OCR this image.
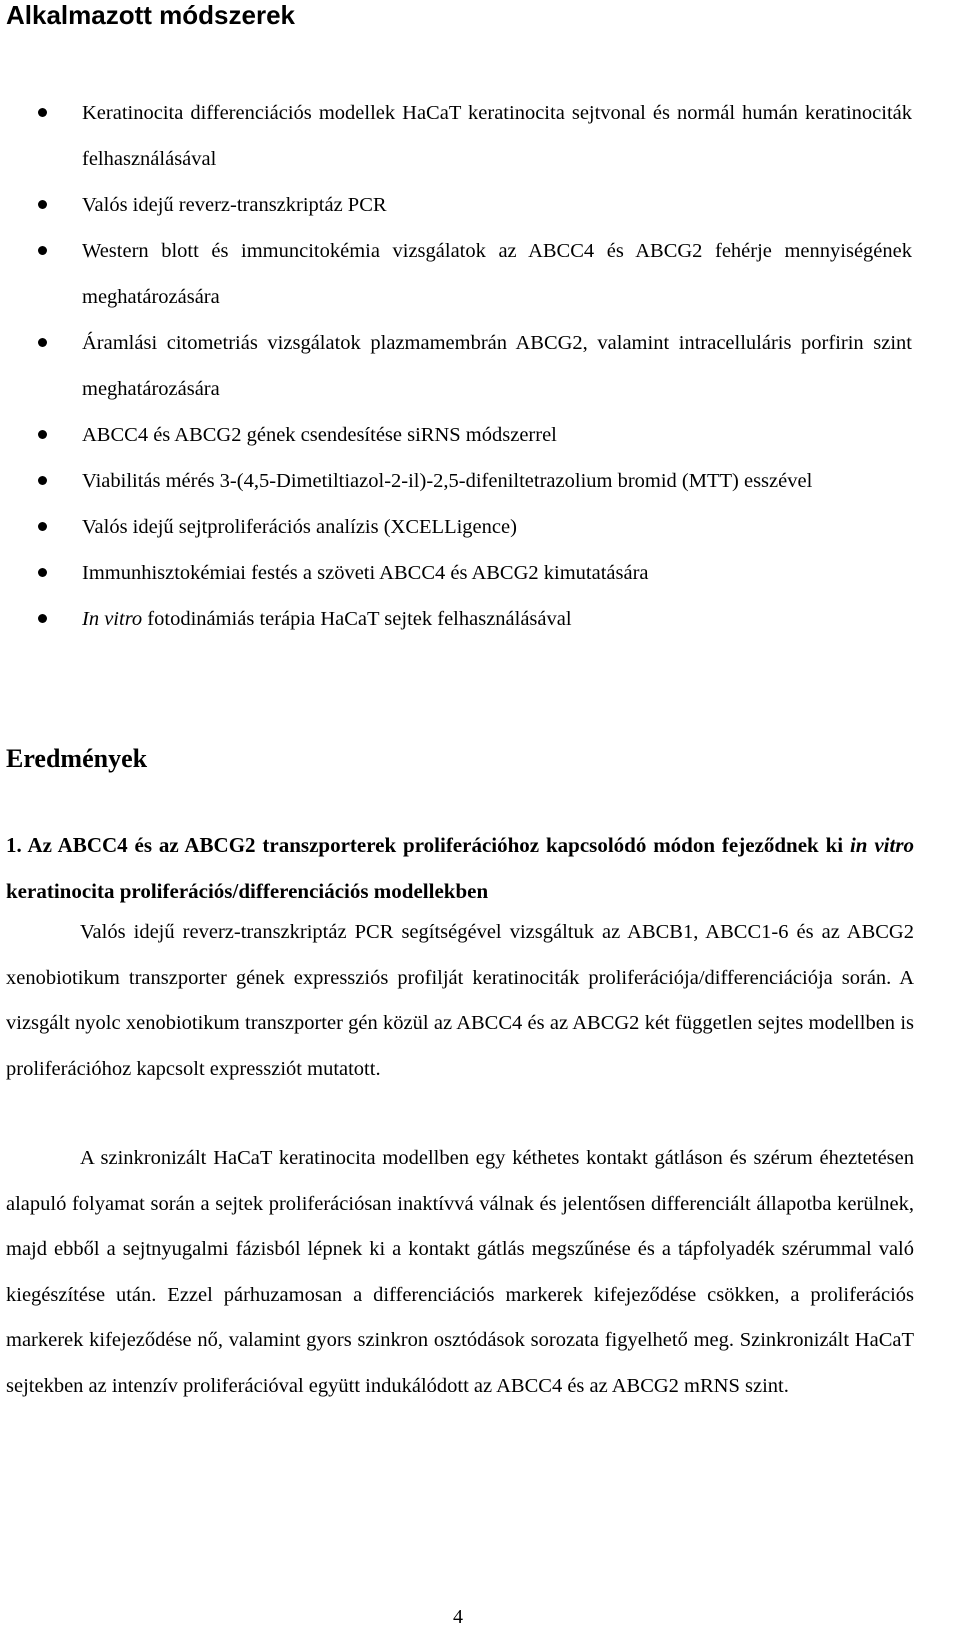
Alkalmazott módszerek
Keratinocita differenciációs modellek HaCaT keratinocita sejtvonal és normál humán keratinociták felhasználásával
Valós idejű reverz-transzkriptáz PCR
Western blott és immuncitokémia vizsgálatok az ABCC4 és ABCG2 fehérje mennyiségének meghatározására
Áramlási citometriás vizsgálatok plazmamembrán ABCG2, valamint intracelluláris porfirin szint meghatározására
ABCC4 és ABCG2 gének csendesítése siRNS módszerrel
Viabilitás mérés 3-(4,5-Dimetiltiazol-2-il)-2,5-difeniltetrazolium bromid (MTT) esszével
Valós idejű sejtproliferációs analízis (XCELLigence)
Immunhisztokémiai festés a szöveti ABCC4 és ABCG2 kimutatására
In vitro fotodinámiás terápia HaCaT sejtek felhasználásával
Eredmények
1. Az ABCC4 és az ABCG2 transzporterek proliferációhoz kapcsolódó módon fejeződnek ki in vitro keratinocita proliferációs/differenciációs modellekben

Valós idejű reverz-transzkriptáz PCR segítségével vizsgáltuk az ABCB1, ABCC1-6 és az ABCG2 xenobiotikum transzporter gének expressziós profilját keratinociták proliferációja/differenciációja során. A vizsgált nyolc xenobiotikum transzporter gén közül az ABCC4 és az ABCG2 két független sejtes modellben is proliferációhoz kapcsolt expressziót mutatott.

A szinkronizált HaCaT keratinocita modellben egy kéthetes kontakt gátláson és szérum éheztetésen alapuló folyamat során a sejtek proliferációsan inaktívvá válnak és jelentősen differenciált állapotba kerülnek, majd ebből a sejtnyugalmi fázisból lépnek ki a kontakt gátlás megszűnése és a tápfolyadék szérummal való kiegészítése után. Ezzel párhuzamosan a differenciációs markerek kifejeződése csökken, a proliferációs markerek kifejeződése nő, valamint gyors szinkron osztódások sorozata figyelhető meg. Szinkronizált HaCaT sejtekben az intenzív proliferációval együtt indukálódott az ABCC4 és az ABCG2 mRNS szint.

4
